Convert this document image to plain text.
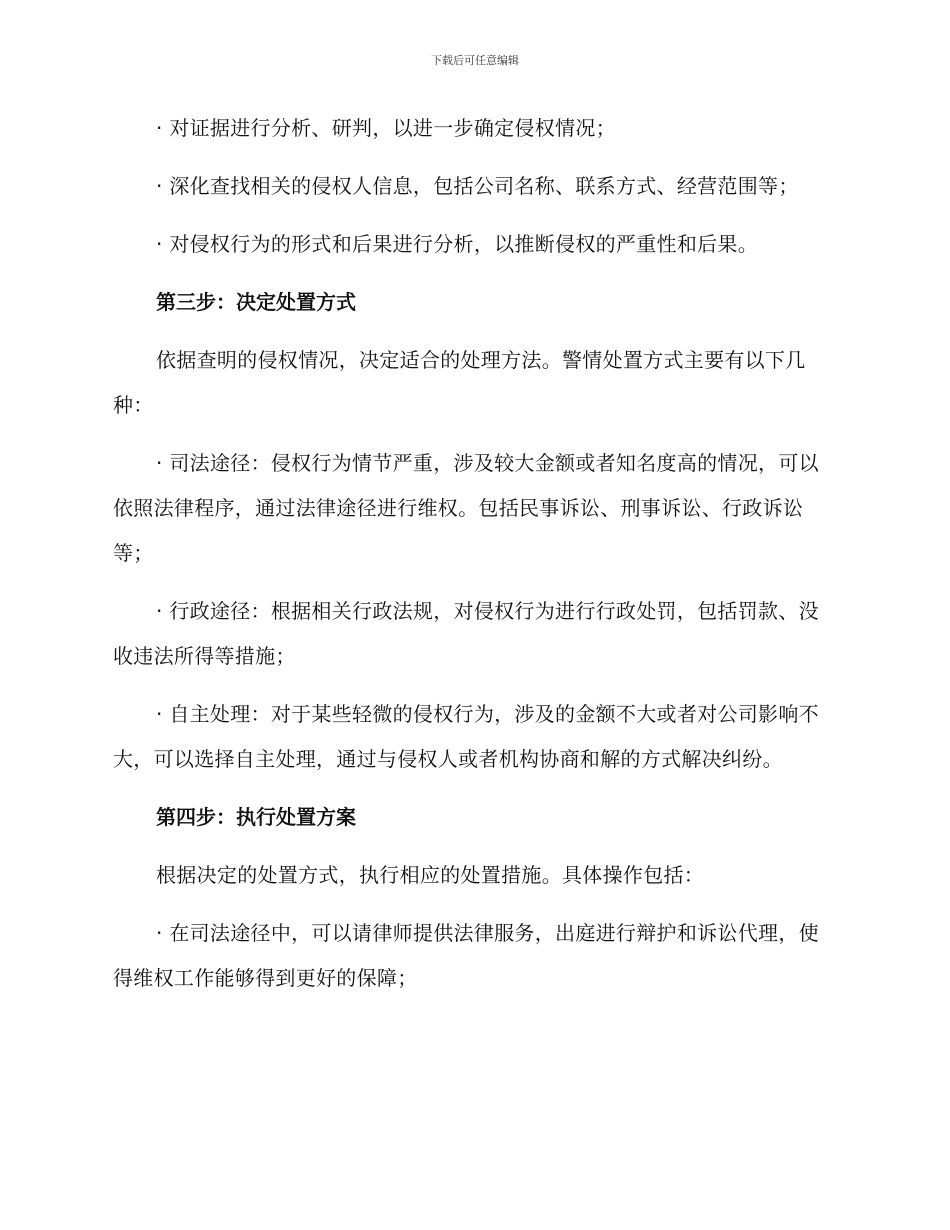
下载后可任意编辑

· 对证据进行分析、研判，以进一步确定侵权情况；

· 深化查找相关的侵权人信息，包括公司名称、联系方式、经营范围等；

· 对侵权行为的形式和后果进行分析，以推断侵权的严重性和后果。

第三步：决定处置方式

依据查明的侵权情况，决定适合的处理方法。警情处置方式主要有以下几种：

· 司法途径：侵权行为情节严重，涉及较大金额或者知名度高的情况，可以依照法律程序，通过法律途径进行维权。包括民事诉讼、刑事诉讼、行政诉讼等；

· 行政途径：根据相关行政法规，对侵权行为进行行政处罚，包括罚款、没收违法所得等措施；

· 自主处理：对于某些轻微的侵权行为，涉及的金额不大或者对公司影响不大，可以选择自主处理，通过与侵权人或者机构协商和解的方式解决纠纷。

第四步：执行处置方案

根据决定的处置方式，执行相应的处置措施。具体操作包括：

· 在司法途径中，可以请律师提供法律服务，出庭进行辩护和诉讼代理，使得维权工作能够得到更好的保障；
